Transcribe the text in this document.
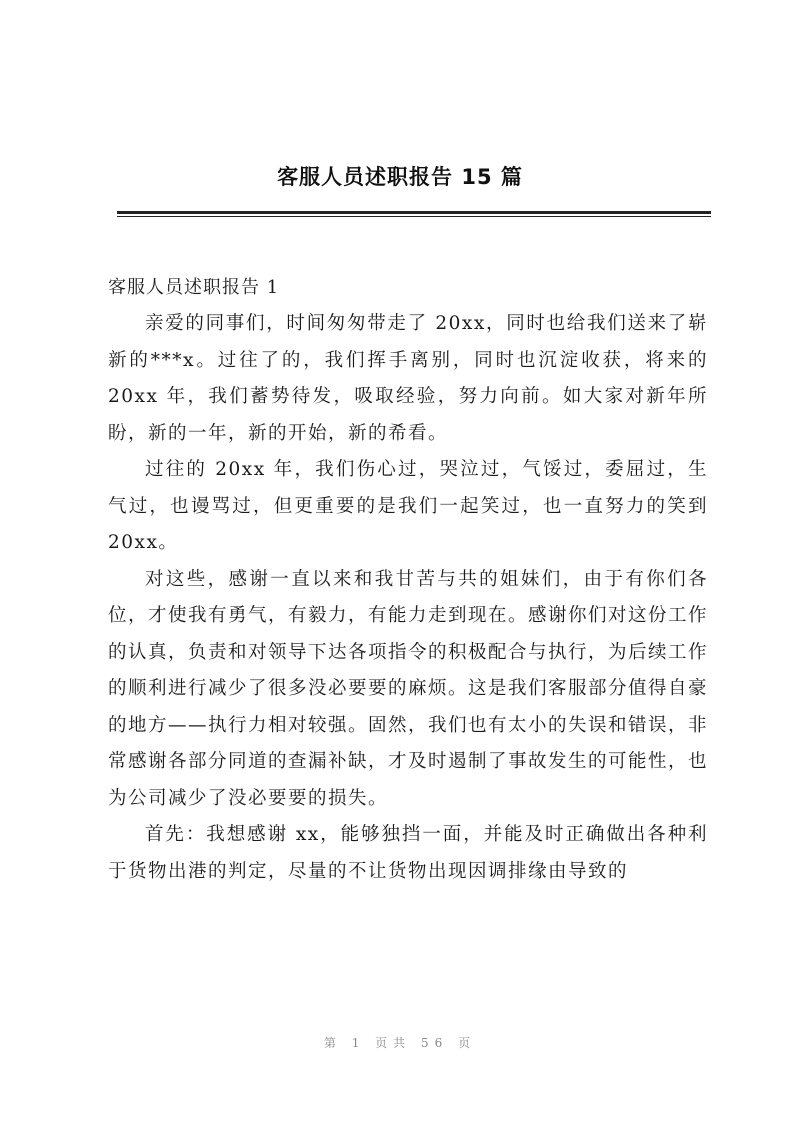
客服人员述职报告 15 篇

客服人员述职报告 1

亲爱的同事们，时间匆匆带走了 20xx，同时也给我们送来了崭新的***x。过往了的，我们挥手离别，同时也沉淀收获，将来的 20xx 年，我们蓄势待发，吸取经验，努力向前。如大家对新年所盼，新的一年，新的开始，新的希看。

过往的 20xx 年，我们伤心过，哭泣过，气馁过，委屈过，生气过，也谩骂过，但更重要的是我们一起笑过，也一直努力的笑到 20xx。

对这些，感谢一直以来和我甘苦与共的姐妹们，由于有你们各位，才使我有勇气，有毅力，有能力走到现在。感谢你们对这份工作的认真，负责和对领导下达各项指令的积极配合与执行，为后续工作的顺利进行减少了很多没必要要的麻烦。这是我们客服部分值得自豪的地方——执行力相对较强。固然，我们也有太小的失误和错误，非常感谢各部分同道的查漏补缺，才及时遏制了事故发生的可能性，也为公司减少了没必要要的损失。

首先：我想感谢 xx，能够独挡一面，并能及时正确做出各种利于货物出港的判定，尽量的不让货物出现因调排缘由导致的

第 1 页共 56 页
